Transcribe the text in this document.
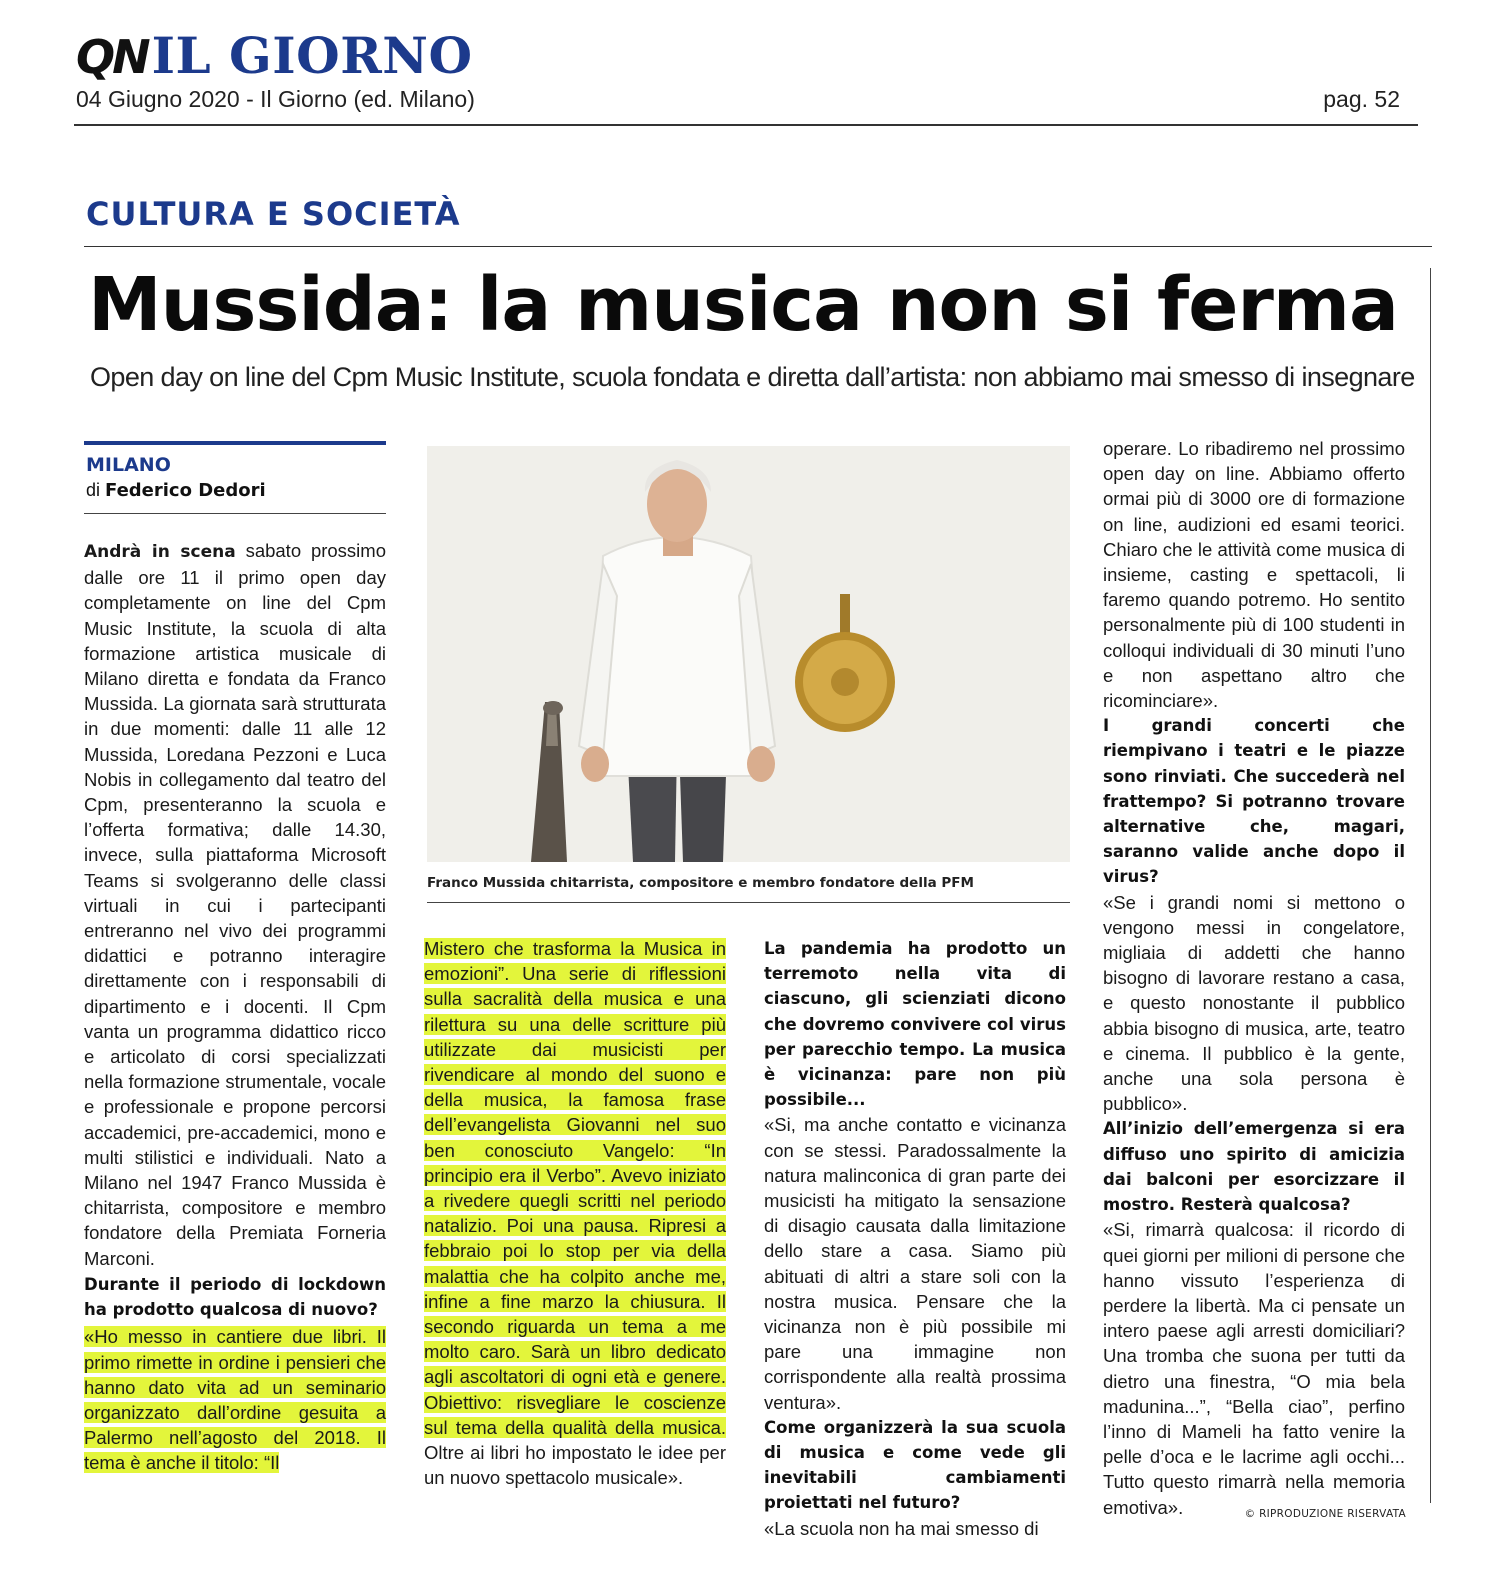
QNIL GIORNO
04 Giugno 2020 - Il Giorno (ed. Milano)	pag. 52
CULTURA E SOCIETÀ
Mussida: la musica non si ferma
Open day on line del Cpm Music Institute, scuola fondata e diretta dall’artista: non abbiamo mai smesso di insegnare
MILANO
di Federico Dedori

Andrà in scena sabato prossimo dalle ore 11 il primo open day completamente on line del Cpm Music Institute, la scuola di alta formazione artistica musicale di Milano diretta e fondata da Franco Mussida. La giornata sarà strutturata in due momenti: dalle 11 alle 12 Mussida, Loredana Pezzoni e Luca Nobis in collegamento dal teatro del Cpm, presenteranno la scuola e l’offerta formativa; dalle 14.30, invece, sulla piattaforma Microsoft Teams si svolgeranno delle classi virtuali in cui i partecipanti entreranno nel vivo dei programmi didattici e potranno interagire direttamente con i responsabili di dipartimento e i docenti. Il Cpm vanta un programma didattico ricco e articolato di corsi specializzati nella formazione strumentale, vocale e professionale e propone percorsi accademici, pre-accademici, mono e multi stilistici e individuali. Nato a Milano nel 1947 Franco Mussida è chitarrista, compositore e membro fondatore della Premiata Forneria Marconi.

Durante il periodo di lockdown ha prodotto qualcosa di nuovo?

«Ho messo in cantiere due libri. Il primo rimette in ordine i pensieri che hanno dato vita ad un seminario organizzato dall’ordine gesuita a Palermo nell’agosto del 2018. Il tema è anche il titolo: “Il

Franco Mussida chitarrista, compositore e membro fondatore della PFM

Mistero che trasforma la Musica in emozioni”. Una serie di riflessioni sulla sacralità della musica e una rilettura su una delle scritture più utilizzate dai musicisti per rivendicare al mondo del suono e della musica, la famosa frase dell’evangelista Giovanni nel suo ben conosciuto Vangelo: “In principio era il Verbo”. Avevo iniziato a rivedere quegli scritti nel periodo natalizio. Poi una pausa. Ripresi a febbraio poi lo stop per via della malattia che ha colpito anche me, infine a fine marzo la chiusura. Il secondo riguarda un tema a me molto caro. Sarà un libro dedicato agli ascoltatori di ogni età e genere. Obiettivo: risvegliare le coscienze sul tema della qualità della musica. Oltre ai libri ho impostato le idee per un nuovo spettacolo musicale».

La pandemia ha prodotto un terremoto nella vita di ciascuno, gli scienziati dicono che dovremo convivere col virus per parecchio tempo. La musica è vicinanza: pare non più possibile...

«Si, ma anche contatto e vicinanza con se stessi. Paradossalmente la natura malinconica di gran parte dei musicisti ha mitigato la sensazione di disagio causata dalla limitazione dello stare a casa. Siamo più abituati di altri a stare soli con la nostra musica. Pensare che la vicinanza non è più possibile mi pare una immagine non corrispondente alla realtà prossima ventura».

Come organizzerà la sua scuola di musica e come vede gli inevitabili cambiamenti proiettati nel futuro?

«La scuola non ha mai smesso di

operare. Lo ribadiremo nel prossimo open day on line. Abbiamo offerto ormai più di 3000 ore di formazione on line, audizioni ed esami teorici. Chiaro che le attività come musica di insieme, casting e spettacoli, li faremo quando potremo. Ho sentito personalmente più di 100 studenti in colloqui individuali di 30 minuti l’uno e non aspettano altro che ricominciare».

I grandi concerti che riempivano i teatri e le piazze sono rinviati. Che succederà nel frattempo? Si potranno trovare alternative che, magari, saranno valide anche dopo il virus?

«Se i grandi nomi si mettono o vengono messi in congelatore, migliaia di addetti che hanno bisogno di lavorare restano a casa, e questo nonostante il pubblico abbia bisogno di musica, arte, teatro e cinema. Il pubblico è la gente, anche una sola persona è pubblico».

All’inizio dell’emergenza si era diffuso uno spirito di amicizia dai balconi per esorcizzare il mostro. Resterà qualcosa?

«Si, rimarrà qualcosa: il ricordo di quei giorni per milioni di persone che hanno vissuto l’esperienza di perdere la libertà. Ma ci pensate un intero paese agli arresti domiciliari? Una tromba che suona per tutti da dietro una finestra, “O mia bela madunina...”, “Bella ciao”, perfino l’inno di Mameli ha fatto venire la pelle d’oca e le lacrime agli occhi... Tutto questo rimarrà nella memoria emotiva».	© RIPRODUZIONE RISERVATA
